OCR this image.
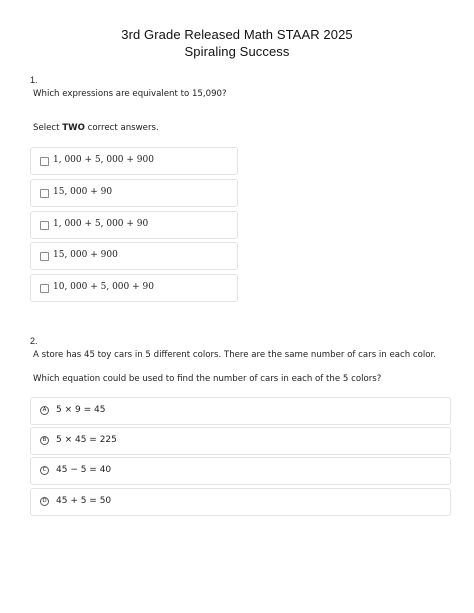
3rd Grade Released Math STAAR 2025
Spiraling Success
1.
Which expressions are equivalent to 15,090?
Select TWO correct answers.
1, 000 + 5, 000 + 900
15, 000 + 90
1, 000 + 5, 000 + 90
15, 000 + 900
10, 000 + 5, 000 + 90
2.
A store has 45 toy cars in 5 different colors. There are the same number of cars in each color.
Which equation could be used to find the number of cars in each of the 5 colors?
A 5 × 9 = 45
B 5 × 45 = 225
C 45 − 5 = 40
D 45 + 5 = 50
